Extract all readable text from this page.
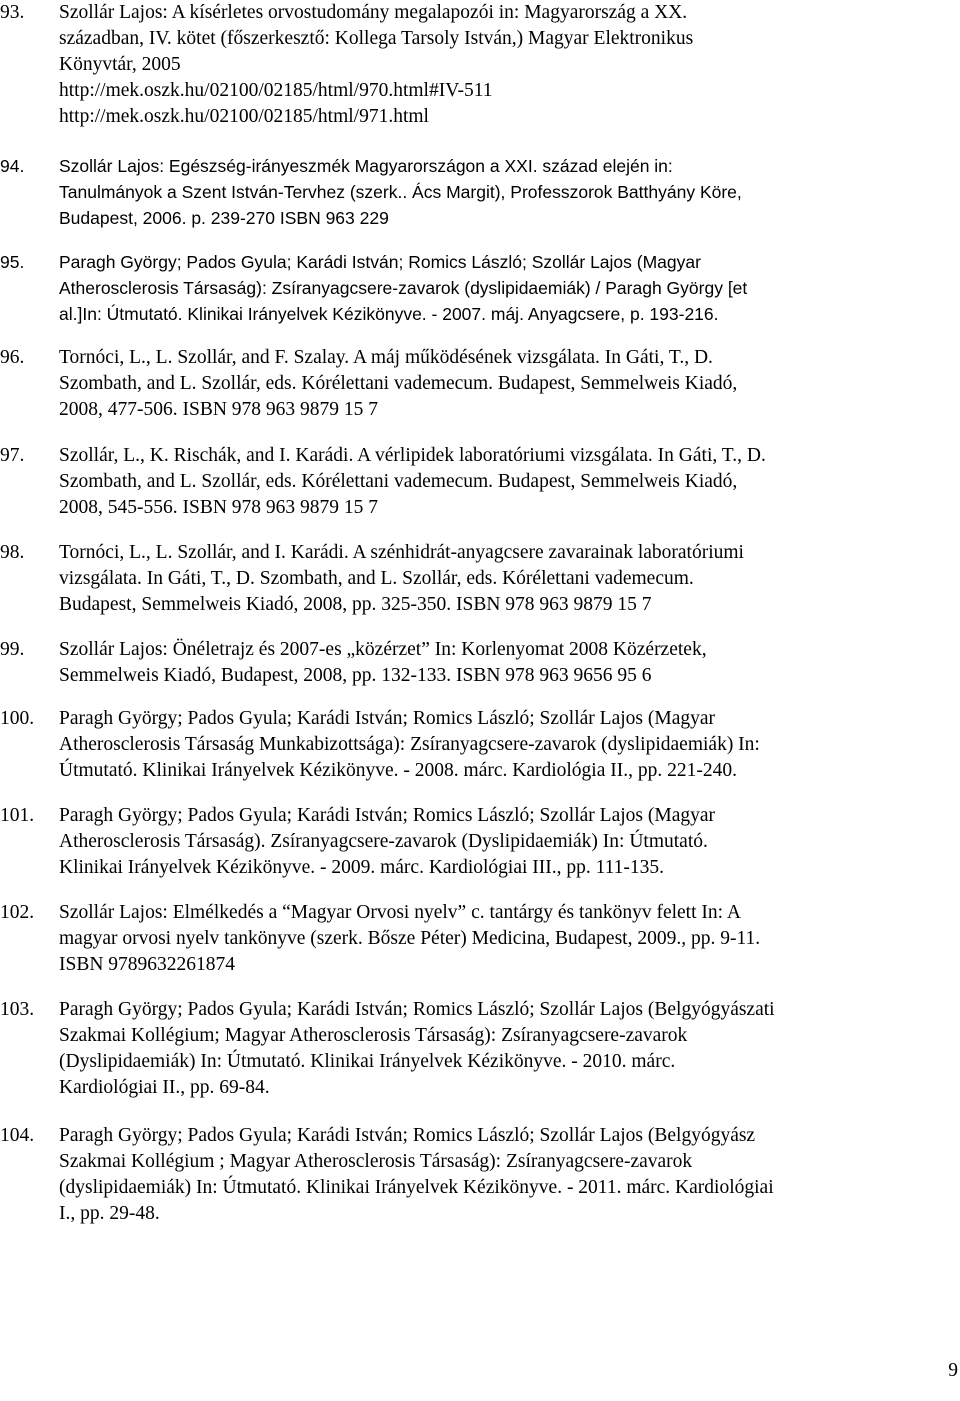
93. Szollár Lajos: A kísérletes orvostudomány megalapozói in: Magyarország a XX.
században, IV. kötet (főszerkesztő: Kollega Tarsoly István,) Magyar Elektronikus
Könyvtár, 2005
http://mek.oszk.hu/02100/02185/html/970.html#IV-511
http://mek.oszk.hu/02100/02185/html/971.html
94. Szollár Lajos: Egészség-irányeszmék Magyarországon a XXI. század elején in:
Tanulmányok a Szent István-Tervhez (szerk.. Ács Margit), Professzorok Batthyány Köre,
Budapest, 2006. p. 239-270 ISBN 963 229
95. Paragh György; Pados Gyula; Karádi István; Romics László; Szollár Lajos (Magyar
Atherosclerosis Társaság): Zsíranyagcsere-zavarok (dyslipidaemiák) / Paragh György [et
al.]In: Útmutató. Klinikai Irányelvek Kézikönyve. - 2007. máj. Anyagcsere, p. 193-216.
96. Tornóci, L., L. Szollár, and F. Szalay. A máj működésének vizsgálata. In Gáti, T., D.
Szombath, and L. Szollár, eds. Kórélettani vademecum. Budapest, Semmelweis Kiadó,
2008, 477-506. ISBN 978 963 9879 15 7
97. Szollár, L., K. Rischák, and I. Karádi. A vérlipidek laboratóriumi vizsgálata. In Gáti, T., D.
Szombath, and L. Szollár, eds. Kórélettani vademecum. Budapest, Semmelweis Kiadó,
2008, 545-556. ISBN 978 963 9879 15 7
98. Tornóci, L., L. Szollár, and I. Karádi. A szénhidrát-anyagcsere zavarainak laboratóriumi
vizsgálata. In Gáti, T., D. Szombath, and L. Szollár, eds. Kórélettani vademecum.
Budapest, Semmelweis Kiadó, 2008, pp. 325-350. ISBN 978 963 9879 15 7
99. Szollár Lajos: Önéletrajz és 2007-es „közérzet” In: Korlenyomat 2008 Közérzetek,
Semmelweis Kiadó, Budapest, 2008, pp. 132-133. ISBN 978 963 9656 95 6
100. Paragh György; Pados Gyula; Karádi István; Romics László; Szollár Lajos (Magyar
Atherosclerosis Társaság Munkabizottsága): Zsíranyagcsere-zavarok (dyslipidaemiák) In:
Útmutató. Klinikai Irányelvek Kézikönyve. - 2008. márc. Kardiológia II., pp. 221-240.
101. Paragh György; Pados Gyula; Karádi István; Romics László; Szollár Lajos (Magyar
Atherosclerosis Társaság). Zsíranyagcsere-zavarok (Dyslipidaemiák) In: Útmutató.
Klinikai Irányelvek Kézikönyve. - 2009. márc. Kardiológiai III., pp. 111-135.
102. Szollár Lajos: Elmélkedés a “Magyar Orvosi nyelv” c. tantárgy és tankönyv felett In: A
magyar orvosi nyelv tankönyve (szerk. Bősze Péter) Medicina, Budapest, 2009., pp. 9-11.
ISBN 9789632261874
103. Paragh György; Pados Gyula; Karádi István; Romics László; Szollár Lajos (Belgyógyászati
Szakmai Kollégium; Magyar Atherosclerosis Társaság): Zsíranyagcsere-zavarok
(Dyslipidaemiák) In: Útmutató. Klinikai Irányelvek Kézikönyve. - 2010. márc.
Kardiológiai II., pp. 69-84.
104. Paragh György; Pados Gyula; Karádi István; Romics László; Szollár Lajos (Belgyógyász
Szakmai Kollégium ; Magyar Atherosclerosis Társaság): Zsíranyagcsere-zavarok
(dyslipidaemiák) In: Útmutató. Klinikai Irányelvek Kézikönyve. - 2011. márc. Kardiológiai
I., pp. 29-48.
9
